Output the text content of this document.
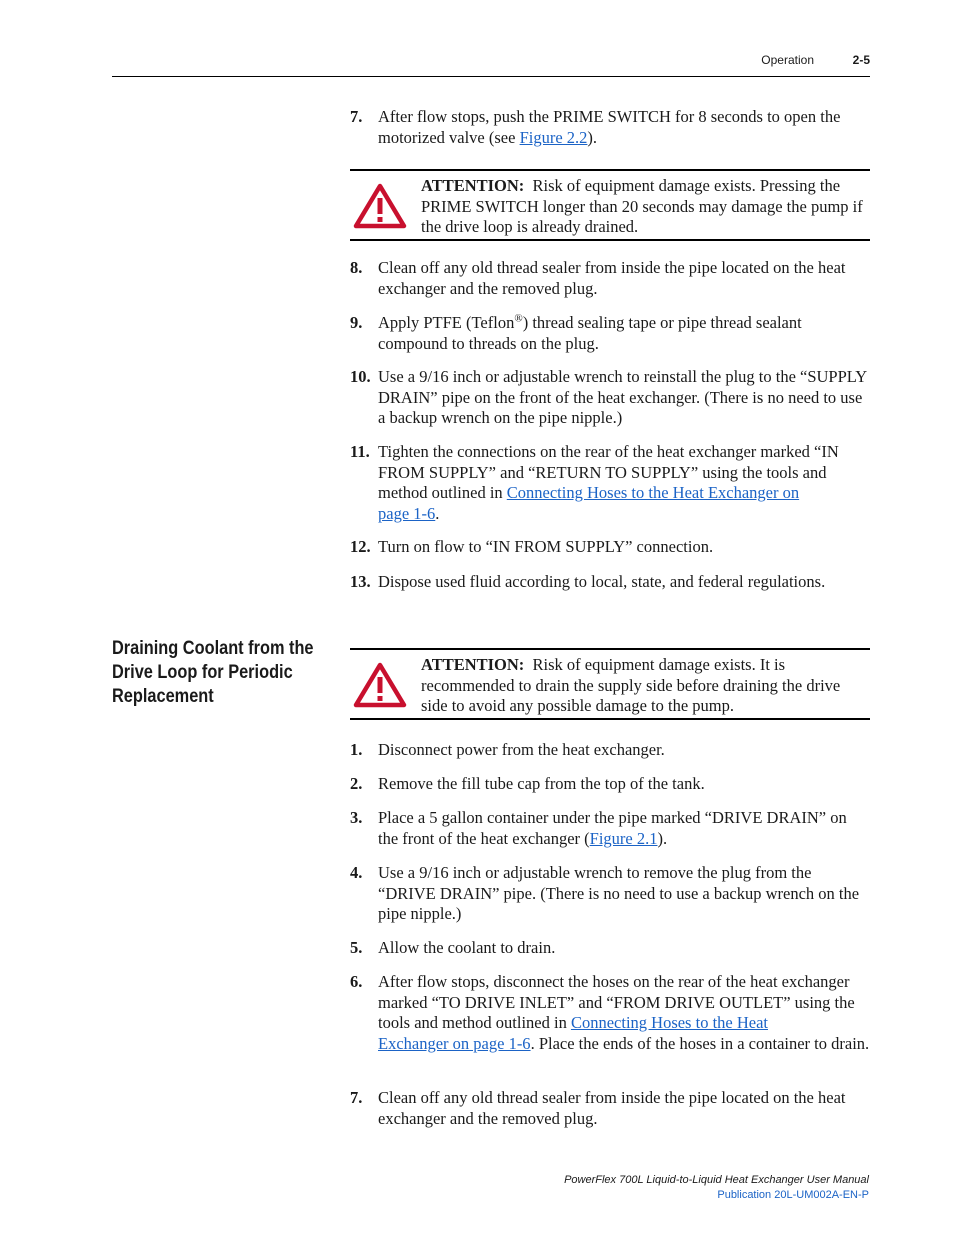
Operation	2-5
7. After flow stops, push the PRIME SWITCH for 8 seconds to open the motorized valve (see Figure 2.2).
ATTENTION: Risk of equipment damage exists. Pressing the PRIME SWITCH longer than 20 seconds may damage the pump if the drive loop is already drained.
8. Clean off any old thread sealer from inside the pipe located on the heat exchanger and the removed plug.
9. Apply PTFE (Teflon®) thread sealing tape or pipe thread sealant compound to threads on the plug.
10. Use a 9/16 inch or adjustable wrench to reinstall the plug to the “SUPPLY DRAIN” pipe on the front of the heat exchanger. (There is no need to use a backup wrench on the pipe nipple.)
11. Tighten the connections on the rear of the heat exchanger marked “IN FROM SUPPLY” and “RETURN TO SUPPLY” using the tools and method outlined in Connecting Hoses to the Heat Exchanger on
page 1-6.
12. Turn on flow to “IN FROM SUPPLY” connection.
13. Dispose used fluid according to local, state, and federal regulations.
Draining Coolant from the
Drive Loop for Periodic
Replacement
ATTENTION: Risk of equipment damage exists. It is recommended to drain the supply side before draining the drive side to avoid any possible damage to the pump.
1. Disconnect power from the heat exchanger.
2. Remove the fill tube cap from the top of the tank.
3. Place a 5 gallon container under the pipe marked “DRIVE DRAIN” on the front of the heat exchanger (Figure 2.1).
4. Use a 9/16 inch or adjustable wrench to remove the plug from the “DRIVE DRAIN” pipe. (There is no need to use a backup wrench on the pipe nipple.)
5. Allow the coolant to drain.
6. After flow stops, disconnect the hoses on the rear of the heat exchanger marked “TO DRIVE INLET” and “FROM DRIVE OUTLET” using the tools and method outlined in Connecting Hoses to the Heat
Exchanger on page 1-6. Place the ends of the hoses in a container to drain.
7. Clean off any old thread sealer from inside the pipe located on the heat exchanger and the removed plug.
PowerFlex 700L Liquid-to-Liquid Heat Exchanger User Manual
Publication 20L-UM002A-EN-P
